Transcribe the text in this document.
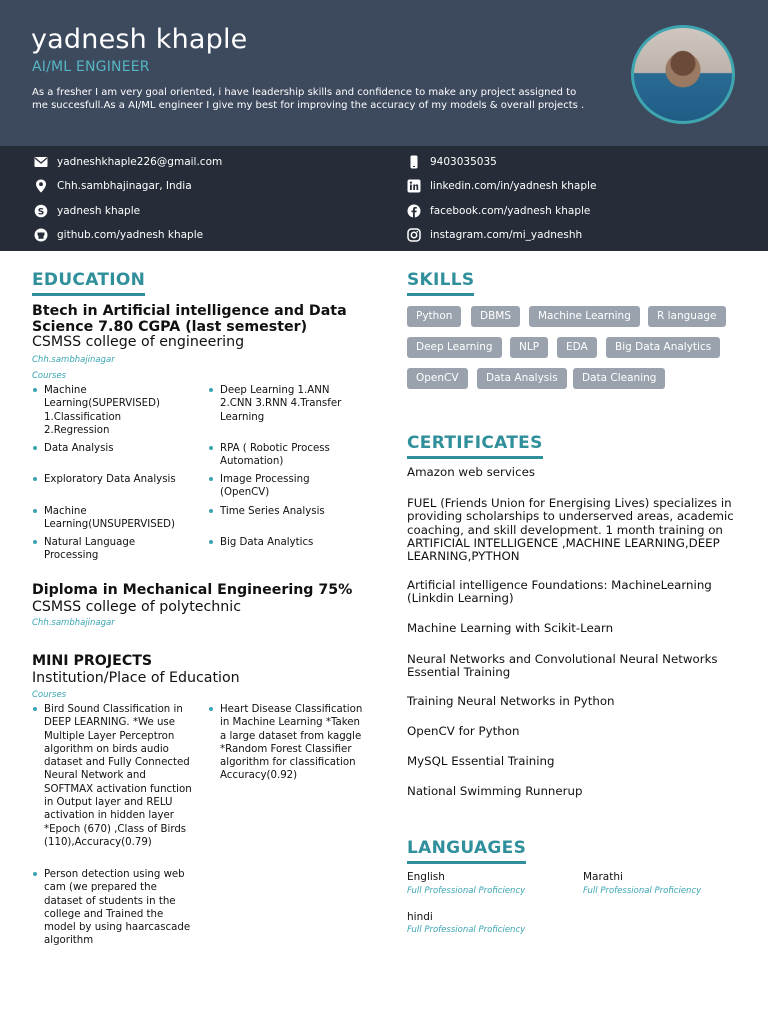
yadnesh khaple
AI/ML ENGINEER
As a fresher I am very goal oriented, i have leadership skills and confidence to make any project assigned to me succesfull.As a AI/ML engineer I give my best for improving the accuracy of my models & overall projects .
yadneshkhaple226@gmail.com
Chh.sambhajinagar, India
S yadnesh khaple
github.com/yadnesh khaple
9403035035
linkedin.com/in/yadnesh khaple
facebook.com/yadnesh khaple
instagram.com/mi_yadneshh
EDUCATION
Btech in Artificial intelligence and Data Science 7.80 CGPA (last semester)
CSMSS college of engineering
Chh.sambhajinagar
Courses
Machine Learning(SUPERVISED) 1.Classification 2.Regression
Data Analysis
Exploratory Data Analysis
Machine Learning(UNSUPERVISED)
Natural Language Processing
Deep Learning 1.ANN 2.CNN 3.RNN 4.Transfer Learning
RPA ( Robotic Process Automation)
Image Processing (OpenCV)
Time Series Analysis
Big Data Analytics
Diploma in Mechanical Engineering 75%
CSMSS college of polytechnic
Chh.sambhajinagar
MINI PROJECTS
Institution/Place of Education
Courses
Bird Sound Classification in DEEP LEARNING. *We use Multiple Layer Perceptron algorithm on birds audio dataset and Fully Connected Neural Network and SOFTMAX activation function in Output layer and RELU activation in hidden layer *Epoch (670) ,Class of Birds (110),Accuracy(0.79)
Person detection using web cam (we prepared the dataset of students in the college and Trained the model by using haarcascade algorithm
Heart Disease Classification in Machine Learning *Taken a large dataset from kaggle *Random Forest Classifier algorithm for classification Accuracy(0.92)
SKILLS
Python	DBMS	Machine Learning	R language
Deep Learning	NLP	EDA	Big Data Analytics
OpenCV	Data Analysis	Data Cleaning
CERTIFICATES
Amazon web services
FUEL (Friends Union for Energising Lives) specializes in providing scholarships to underserved areas, academic coaching, and skill development. 1 month training on ARTIFICIAL INTELLIGENCE ,MACHINE LEARNING,DEEP LEARNING,PYTHON
Artificial intelligence Foundations: MachineLearning (Linkdin Learning)
Machine Learning with Scikit-Learn
Neural Networks and Convolutional Neural Networks Essential Training
Training Neural Networks in Python
OpenCV for Python
MySQL Essential Training
National Swimming Runnerup
LANGUAGES
English
Full Professional Proficiency
Marathi
Full Professional Proficiency
hindi
Full Professional Proficiency
